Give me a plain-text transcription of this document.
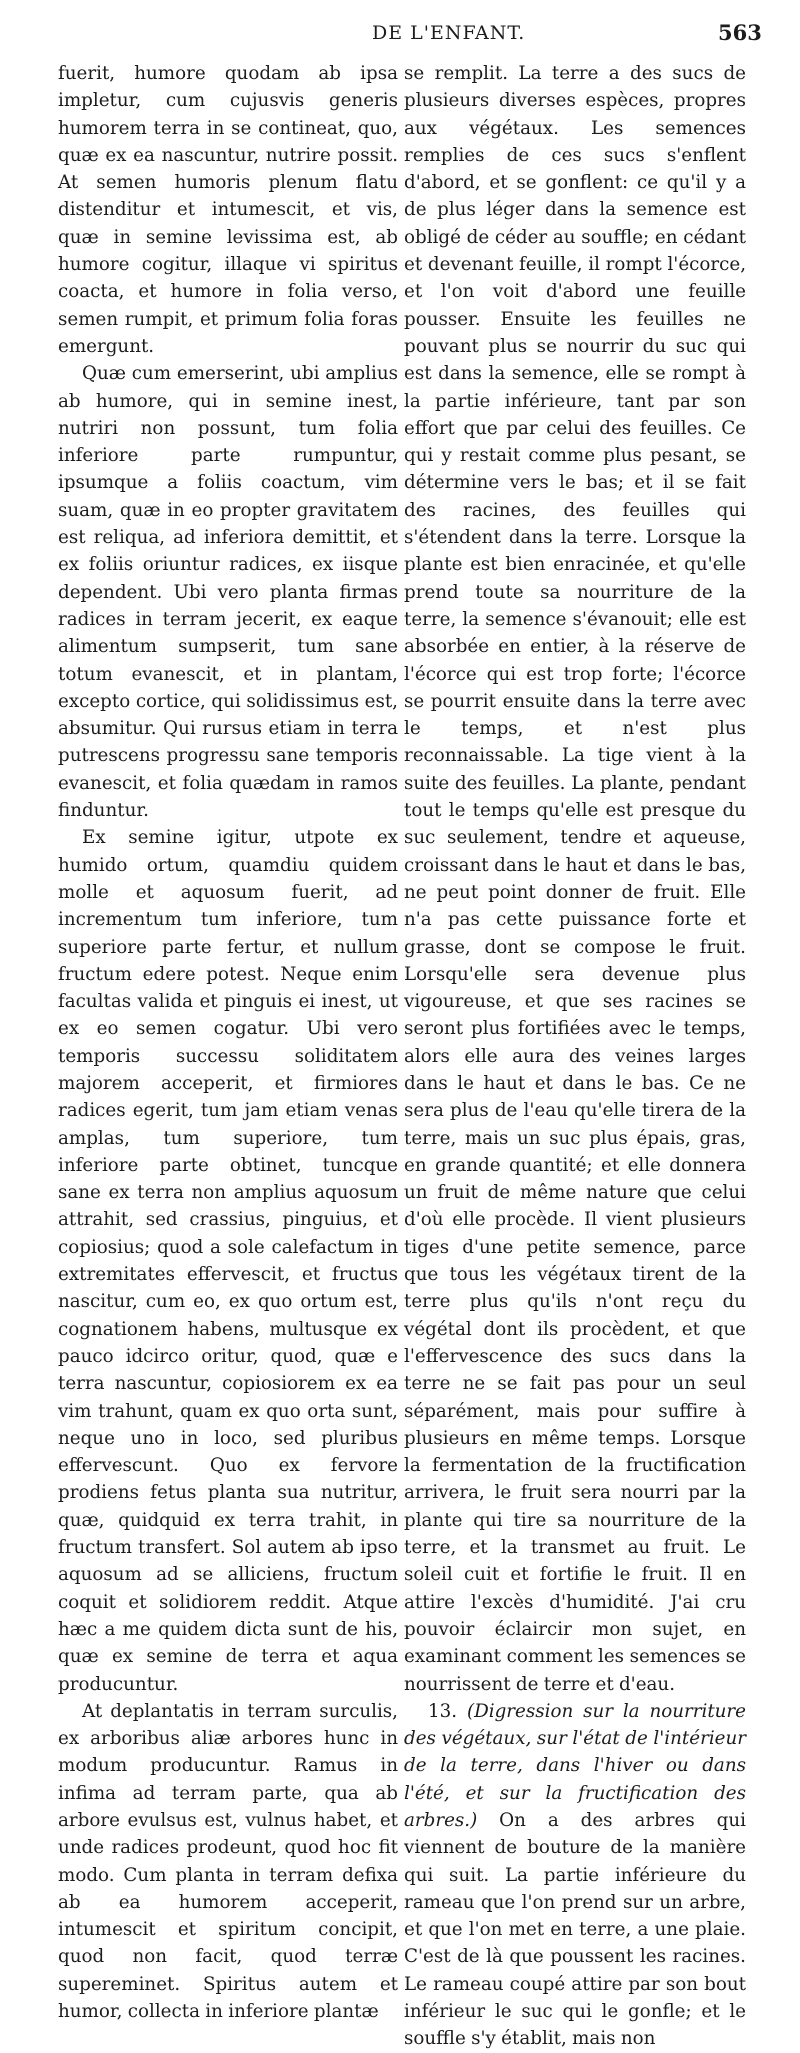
DE L'ENFANT.	563

fuerit, humore quodam ab ipsa impletur, cum cujusvis generis humorem terra in se contineat, quo, quæ ex ea nascuntur, nutrire possit. At semen humoris plenum flatu distenditur et intumescit, et vis, quæ in semine levissima est, ab humore cogitur, illaque vi spiritus coacta, et humore in folia verso, semen rumpit, et primum folia foras emergunt.

Quæ cum emerserint, ubi amplius ab humore, qui in semine inest, nutriri non possunt, tum folia inferiore parte rumpuntur, ipsumque a foliis coactum, vim suam, quæ in eo propter gravitatem est reliqua, ad inferiora demittit, et ex foliis oriuntur radices, ex iisque dependent. Ubi vero planta firmas radices in terram jecerit, ex eaque alimentum sumpserit, tum sane totum evanescit, et in plantam, excepto cortice, qui solidissimus est, absumitur. Qui rursus etiam in terra putrescens progressu sane temporis evanescit, et folia quædam in ramos finduntur.

Ex semine igitur, utpote ex humido ortum, quamdiu quidem molle et aquosum fuerit, ad incrementum tum inferiore, tum superiore parte fertur, et nullum fructum edere potest. Neque enim facultas valida et pinguis ei inest, ut ex eo semen cogatur. Ubi vero temporis successu soliditatem majorem acceperit, et firmiores radices egerit, tum jam etiam venas amplas, tum superiore, tum inferiore parte obtinet, tuncque sane ex terra non amplius aquosum attrahit, sed crassius, pinguius, et copiosius; quod a sole calefactum in extremitates effervescit, et fructus nascitur, cum eo, ex quo ortum est, cognationem habens, multusque ex pauco idcirco oritur, quod, quæ e terra nascuntur, copiosiorem ex ea vim trahunt, quam ex quo orta sunt, neque uno in loco, sed pluribus effervescunt. Quo ex fervore prodiens fetus planta sua nutritur, quæ, quidquid ex terra trahit, in fructum transfert. Sol autem ab ipso aquosum ad se alliciens, fructum coquit et solidiorem reddit. Atque hæc a me quidem dicta sunt de his, quæ ex semine de terra et aqua producuntur.

At deplantatis in terram surculis, ex arboribus aliæ arbores hunc in modum producuntur. Ramus in infima ad terram parte, qua ab arbore evulsus est, vulnus habet, et unde radices prodeunt, quod hoc fit modo. Cum planta in terram defixa ab ea humorem acceperit, intumescit et spiritum concipit, quod non facit, quod terræ supereminet. Spiritus autem et humor, collecta in inferiore plantæ

se remplit. La terre a des sucs de plusieurs diverses espèces, propres aux végétaux. Les semences remplies de ces sucs s'enflent d'abord, et se gonflent: ce qu'il y a de plus léger dans la semence est obligé de céder au souffle; en cédant et devenant feuille, il rompt l'écorce, et l'on voit d'abord une feuille pousser. Ensuite les feuilles ne pouvant plus se nourrir du suc qui est dans la semence, elle se rompt à la partie inférieure, tant par son effort que par celui des feuilles. Ce qui y restait comme plus pesant, se détermine vers le bas; et il se fait des racines, des feuilles qui s'étendent dans la terre. Lorsque la plante est bien enracinée, et qu'elle prend toute sa nourriture de la terre, la semence s'évanouit; elle est absorbée en entier, à la réserve de l'écorce qui est trop forte; l'écorce se pourrit ensuite dans la terre avec le temps, et n'est plus reconnaissable. La tige vient à la suite des feuilles. La plante, pendant tout le temps qu'elle est presque du suc seulement, tendre et aqueuse, croissant dans le haut et dans le bas, ne peut point donner de fruit. Elle n'a pas cette puissance forte et grasse, dont se compose le fruit. Lorsqu'elle sera devenue plus vigoureuse, et que ses racines se seront plus fortifiées avec le temps, alors elle aura des veines larges dans le haut et dans le bas. Ce ne sera plus de l'eau qu'elle tirera de la terre, mais un suc plus épais, gras, en grande quantité; et elle donnera un fruit de même nature que celui d'où elle procède. Il vient plusieurs tiges d'une petite semence, parce que tous les végétaux tirent de la terre plus qu'ils n'ont reçu du végétal dont ils procèdent, et que l'effervescence des sucs dans la terre ne se fait pas pour un seul séparément, mais pour suffire à plusieurs en même temps. Lorsque la fermentation de la fructification arrivera, le fruit sera nourri par la plante qui tire sa nourriture de la terre, et la transmet au fruit. Le soleil cuit et fortifie le fruit. Il en attire l'excès d'humidité. J'ai cru pouvoir éclaircir mon sujet, en examinant comment les semences se nourrissent de terre et d'eau.

13. (Digression sur la nourriture des végétaux, sur l'état de l'intérieur de la terre, dans l'hiver ou dans l'été, et sur la fructification des arbres.) On a des arbres qui viennent de bouture de la manière qui suit. La partie inférieure du rameau que l'on prend sur un arbre, et que l'on met en terre, a une plaie. C'est de là que poussent les racines. Le rameau coupé attire par son bout inférieur le suc qui le gonfle; et le souffle s'y établit, mais non
